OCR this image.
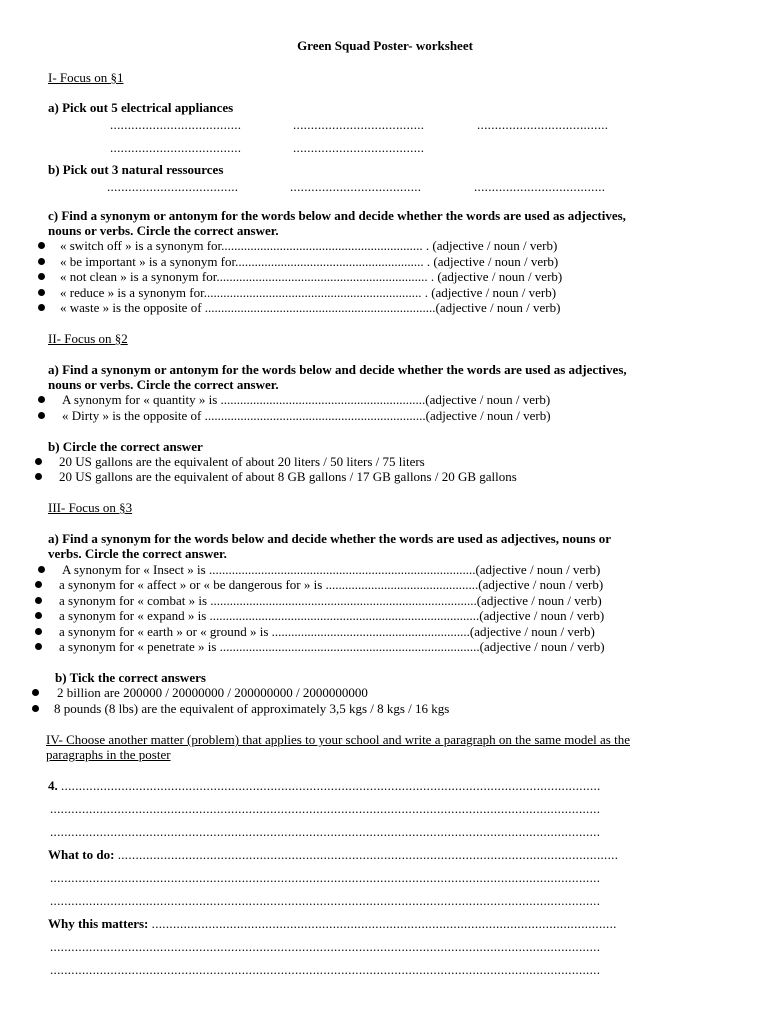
Green Squad Poster- worksheet
I- Focus on §1
a) Pick out 5 electrical appliances
.....................................	.....................................	.....................................
.....................................	.....................................
b) Pick out 3 natural ressources
.....................................	.....................................	.....................................
c) Find a synonym or antonym for the words below and decide whether the words are used as adjectives,
nouns or verbs. Circle the correct answer.
« switch off » is a synonym for.............................................................. . (adjective / noun / verb)
« be important » is a synonym for.......................................................... . (adjective / noun / verb)
« not clean » is a synonym for................................................................. . (adjective / noun / verb)
« reduce » is a synonym for................................................................... . (adjective / noun / verb)
« waste » is the opposite of .......................................................................(adjective / noun / verb)
II- Focus on §2
a) Find a synonym or antonym for the words below and decide whether the words are used as adjectives,
nouns or verbs. Circle the correct answer.
A synonym for « quantity » is ...............................................................(adjective / noun / verb)
« Dirty » is the opposite of ....................................................................(adjective / noun / verb)
b) Circle the correct answer
20 US gallons are the equivalent of about 20 liters / 50 liters / 75 liters
20 US gallons are the equivalent of about 8 GB gallons / 17 GB gallons / 20 GB gallons
III- Focus on §3
a) Find a synonym for the words below and decide whether the words are used as adjectives, nouns or
verbs. Circle the correct answer.
A synonym for « Insect » is ..................................................................................(adjective / noun / verb)
a synonym for « affect » or « be dangerous for » is ...............................................(adjective / noun / verb)
a synonym for « combat » is ..................................................................................(adjective / noun / verb)
a synonym for « expand » is ...................................................................................(adjective / noun / verb)
a synonym for « earth » or « ground » is .............................................................(adjective / noun / verb)
a synonym for « penetrate » is ................................................................................(adjective / noun / verb)
b) Tick the correct answers
2 billion are 200000 / 20000000 / 200000000 / 2000000000
8 pounds (8 lbs) are the equivalent of approximately 3,5 kgs / 8 kgs / 16 kgs
IV- Choose another matter (problem) that applies to your school and write a paragraph on the same model as the
paragraphs in the poster
4. ........................................................................................................................................................
...........................................................................................................................................................
...........................................................................................................................................................
What to do: .............................................................................................................................................
...........................................................................................................................................................
...........................................................................................................................................................
Why this matters: ...................................................................................................................................
...........................................................................................................................................................
...........................................................................................................................................................
